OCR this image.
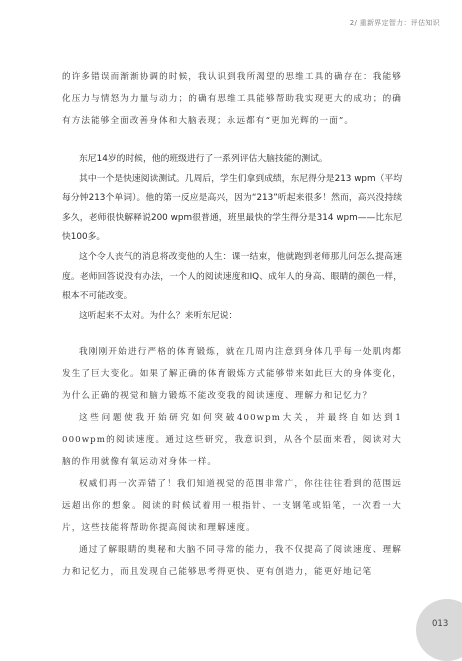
2/ 重新界定智力：评估知识

的许多错误而渐渐协调的时候，我认识到我所渴望的思维工具的确存在：我能够化压力与情怒为力量与动力；的确有思维工具能够帮助我实现更大的成功；的确有方法能够全面改善身体和大脑表现；永远都有“更加光辉的一面”。

东尼14岁的时候，他的班级进行了一系列评估大脑技能的测试。

其中一个是快速阅读测试。几周后，学生们拿到成绩，东尼得分是213 wpm（平均每分钟213个单词）。他的第一反应是高兴，因为“213”听起来很多！然而，高兴没持续多久，老师很快解释说200 wpm很普通，班里最快的学生得分是314 wpm——比东尼快100多。

这个令人丧气的消息将改变他的人生：课一结束，他就跑到老师那儿问怎么提高速度。老师回答说没有办法，一个人的阅读速度和IQ、成年人的身高、眼睛的颜色一样，根本不可能改变。

这听起来不太对。为什么？来听东尼说：

我刚刚开始进行严格的体育锻炼，就在几周内注意到身体几乎每一处肌肉都发生了巨大变化。如果了解正确的体育锻炼方式能够带来如此巨大的身体变化，为什么正确的视觉和脑力锻炼不能改变我的阅读速度、理解力和记忆力？

这些问题使我开始研究如何突破400wpm大关，并最终自如达到1 000wpm的阅读速度。通过这些研究，我意识到，从各个层面来看，阅读对大脑的作用就像有氧运动对身体一样。

权威们再一次弄错了！我们知道视觉的范围非常广，你往往往看到的范围远远超出你的想象。阅读的时候试着用一根指针、一支钢笔或铅笔，一次看一大片，这些技能将帮助你提高阅读和理解速度。

通过了解眼睛的奥秘和大脑不同寻常的能力，我不仅提高了阅读速度、理解力和记忆力，而且发现自己能够思考得更快、更有创造力，能更好地记笔

013
